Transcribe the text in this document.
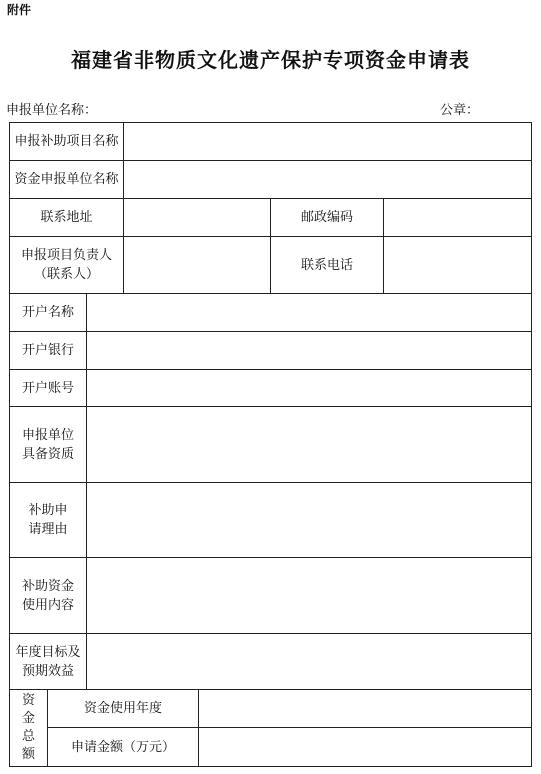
附件
福建省非物质文化遗产保护专项资金申请表
申报单位名称：	公章：
申报补助项目名称
资金申报单位名称
联系地址	邮政编码
申报项目负责人
（联系人）
联系电话
开户名称
开户银行
开户账号
申报单位
具备资质
补助申
请理由
补助资金
使用内容
年度目标及
预期效益
资
金
总
额
资金使用年度
申请金额（万元）
